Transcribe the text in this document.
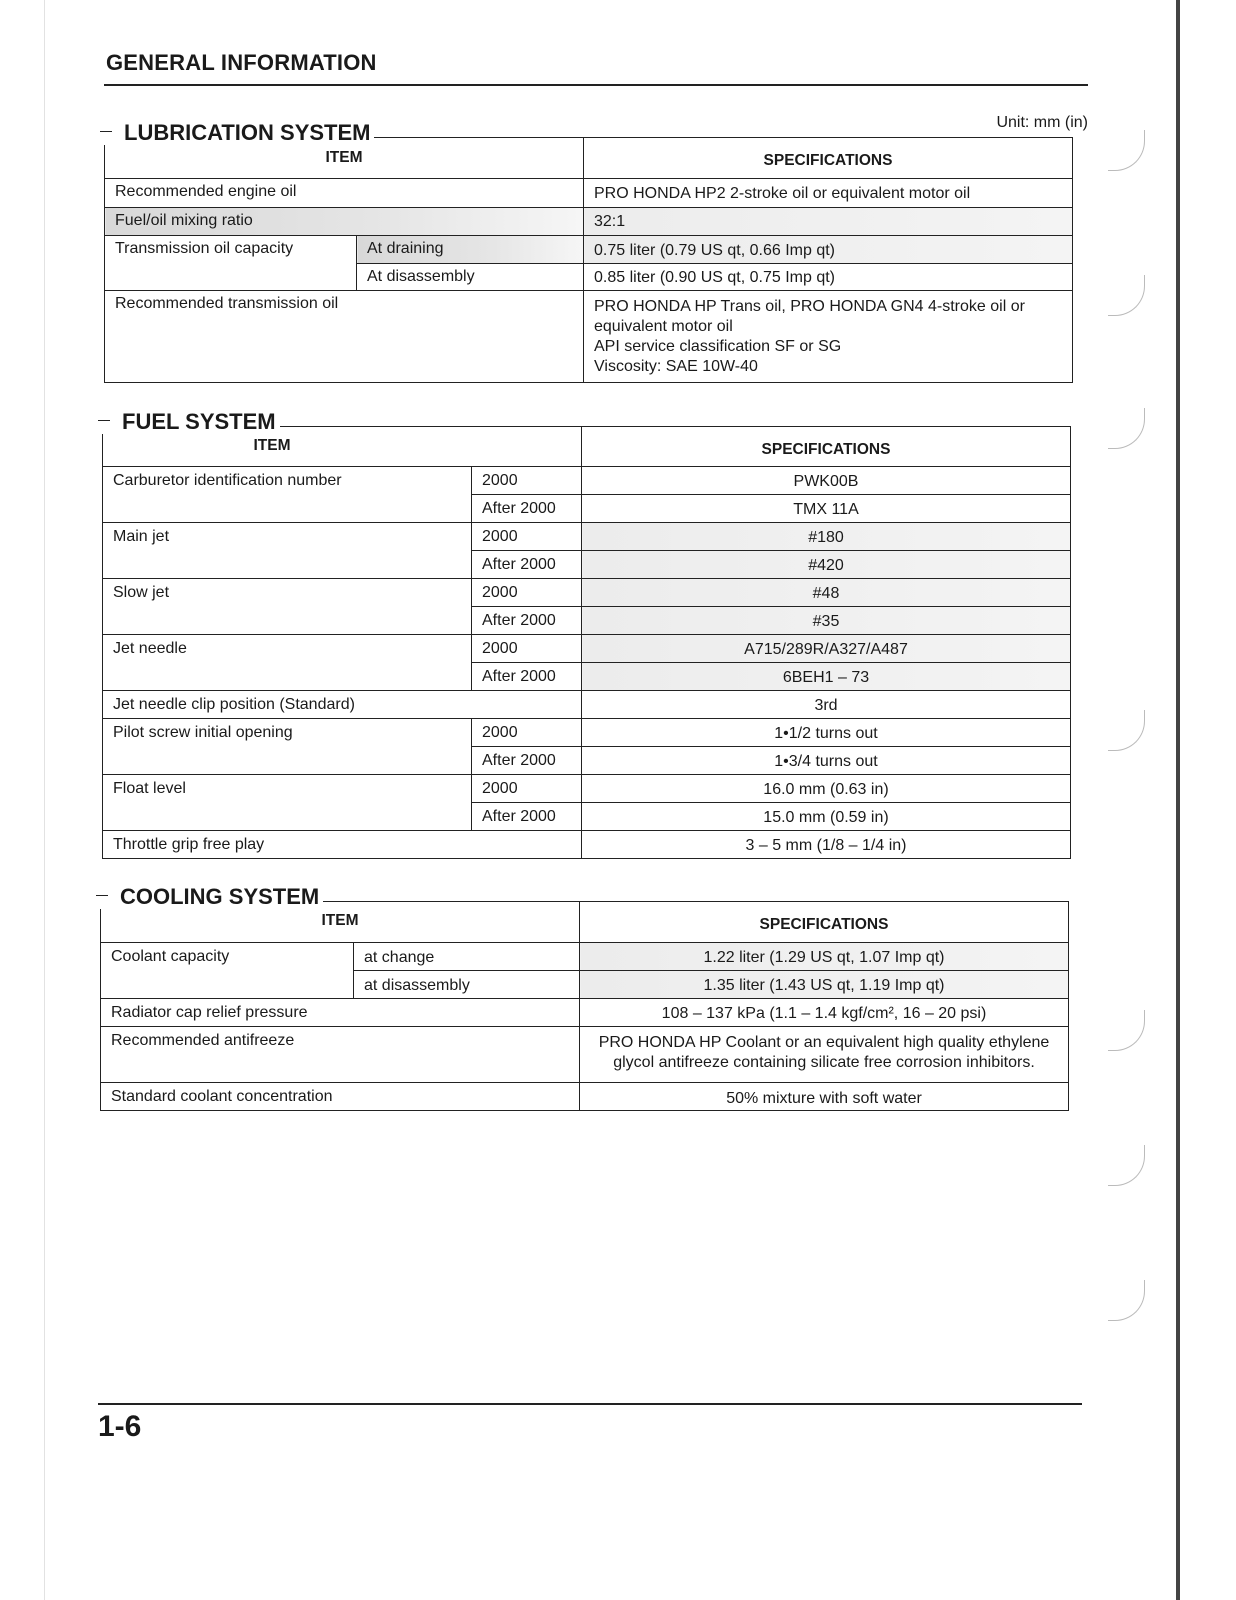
GENERAL INFORMATION
Unit: mm (in)
LUBRICATION SYSTEM
ITEM		SPECIFICATIONS
Recommended engine oil		PRO HONDA HP2 2-stroke oil or equivalent motor oil
Fuel/oil mixing ratio		32:1
Transmission oil capacity	At draining	0.75 liter (0.79 US qt, 0.66 Imp qt)
	At disassembly	0.85 liter (0.90 US qt, 0.75 Imp qt)
Recommended transmission oil		PRO HONDA HP Trans oil, PRO HONDA GN4 4-stroke oil or
equivalent motor oil
API service classification SF or SG
Viscosity: SAE 10W-40
FUEL SYSTEM
ITEM		SPECIFICATIONS
Carburetor identification number	2000	PWK00B
	After 2000	TMX 11A
Main jet	2000	#180
	After 2000	#420
Slow jet	2000	#48
	After 2000	#35
Jet needle	2000	A715/289R/A327/A487
	After 2000	6BEH1 – 73
Jet needle clip position (Standard)		3rd
Pilot screw initial opening	2000	1•1/2 turns out
	After 2000	1•3/4 turns out
Float level	2000	16.0 mm (0.63 in)
	After 2000	15.0 mm (0.59 in)
Throttle grip free play		3 – 5 mm (1/8 – 1/4 in)
COOLING SYSTEM
ITEM		SPECIFICATIONS
Coolant capacity	at change	1.22 liter (1.29 US qt, 1.07 Imp qt)
	at disassembly	1.35 liter (1.43 US qt, 1.19 Imp qt)
Radiator cap relief pressure		108 – 137 kPa (1.1 – 1.4 kgf/cm², 16 – 20 psi)
Recommended antifreeze		PRO HONDA HP Coolant or an equivalent high quality ethylene
glycol antifreeze containing silicate free corrosion inhibitors.

Standard coolant concentration		50% mixture with soft water
1-6
